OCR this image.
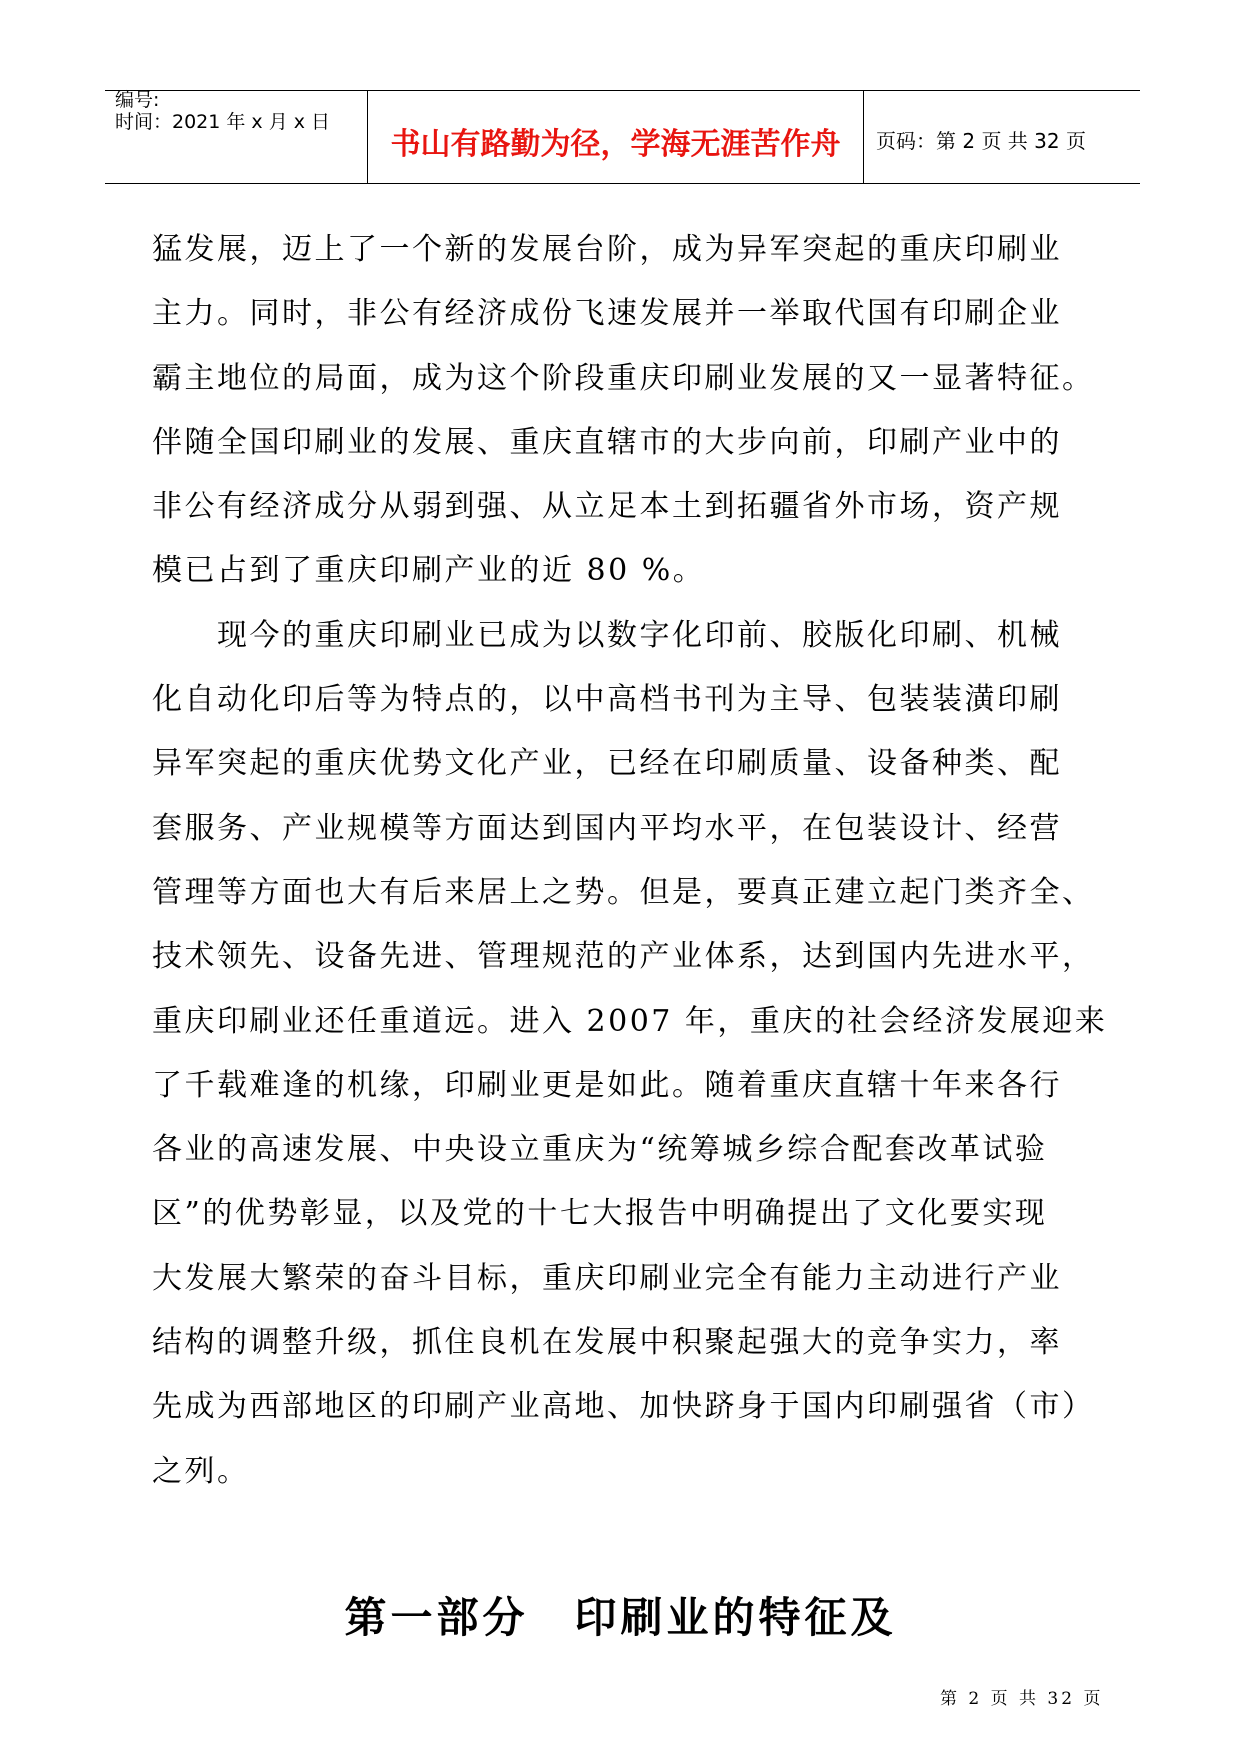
编号:
时间：2021 年 x 月 x 日
书山有路勤为径，学海无涯苦作舟	页码：第 2 页 共 32 页

猛发展，迈上了一个新的发展台阶，成为异军突起的重庆印刷业
主力。同时，非公有经济成份飞速发展并一举取代国有印刷企业
霸主地位的局面，成为这个阶段重庆印刷业发展的又一显著特征。
伴随全国印刷业的发展、重庆直辖市的大步向前，印刷产业中的
非公有经济成分从弱到强、从立足本土到拓疆省外市场，资产规
模已占到了重庆印刷产业的近 80 %。

　　现今的重庆印刷业已成为以数字化印前、胶版化印刷、机械
化自动化印后等为特点的，以中高档书刊为主导、包装装潢印刷
异军突起的重庆优势文化产业，已经在印刷质量、设备种类、配
套服务、产业规模等方面达到国内平均水平，在包装设计、经营
管理等方面也大有后来居上之势。但是，要真正建立起门类齐全、
技术领先、设备先进、管理规范的产业体系，达到国内先进水平，
重庆印刷业还任重道远。进入 2007 年，重庆的社会经济发展迎来
了千载难逢的机缘，印刷业更是如此。随着重庆直辖十年来各行
各业的高速发展、中央设立重庆为“统筹城乡综合配套改革试验
区”的优势彰显，以及党的十七大报告中明确提出了文化要实现
大发展大繁荣的奋斗目标，重庆印刷业完全有能力主动进行产业
结构的调整升级，抓住良机在发展中积聚起强大的竞争实力，率
先成为西部地区的印刷产业高地、加快跻身于国内印刷强省（市）
之列。

第一部分　印刷业的特征及
第 2 页 共 32 页
